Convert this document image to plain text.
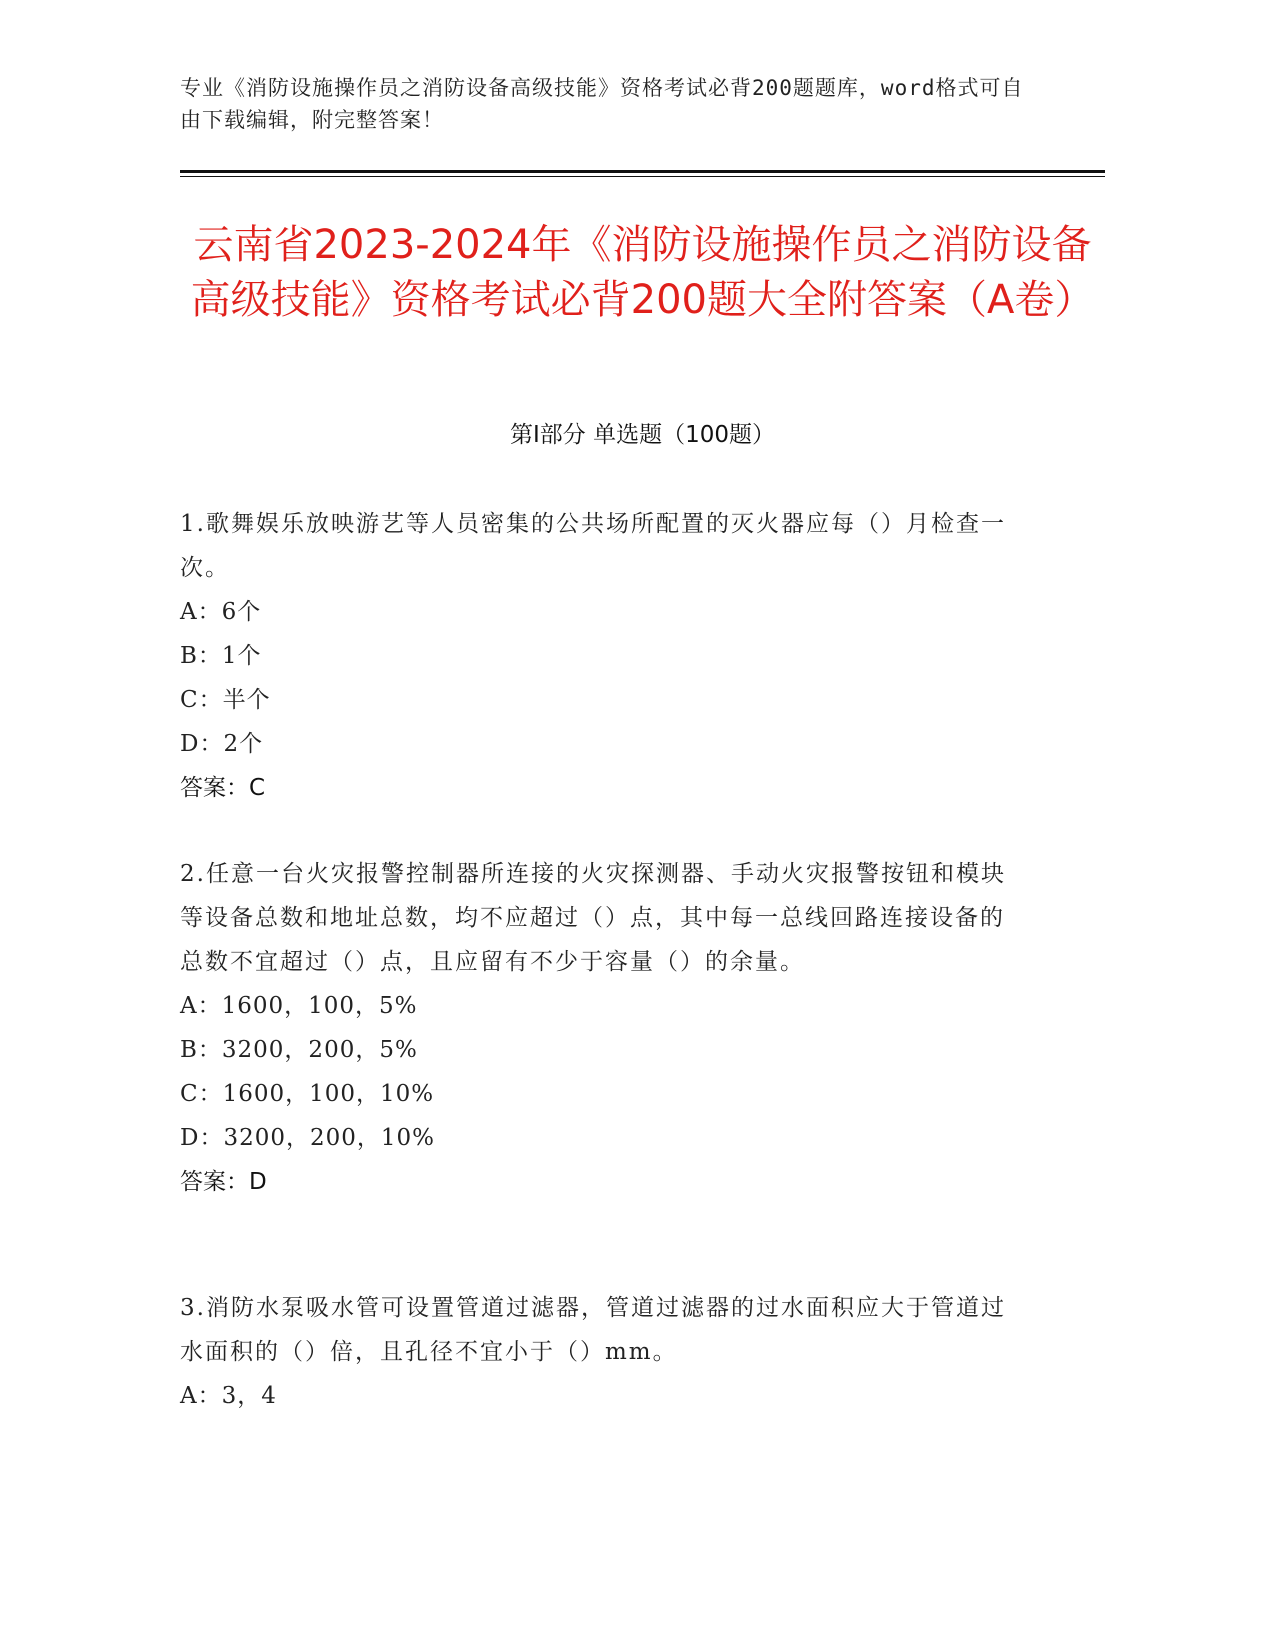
专业《消防设施操作员之消防设备高级技能》资格考试必背200题题库，word格式可自由下载编辑，附完整答案！
云南省2023-2024年《消防设施操作员之消防设备高级技能》资格考试必背200题大全附答案（A卷）
第I部分 单选题（100题）

1.歌舞娱乐放映游艺等人员密集的公共场所配置的灭火器应每（）月检查一次。

A：6个

B：1个

C：半个

D：2个

答案：C

2.任意一台火灾报警控制器所连接的火灾探测器、手动火灾报警按钮和模块等设备总数和地址总数，均不应超过（）点，其中每一总线回路连接设备的总数不宜超过（）点，且应留有不少于容量（）的余量。

A：1600，100，5%

B：3200，200，5%

C：1600，100，10%

D：3200，200，10%

答案：D

3.消防水泵吸水管可设置管道过滤器，管道过滤器的过水面积应大于管道过水面积的（）倍，且孔径不宜小于（）mm。

A：3，4
